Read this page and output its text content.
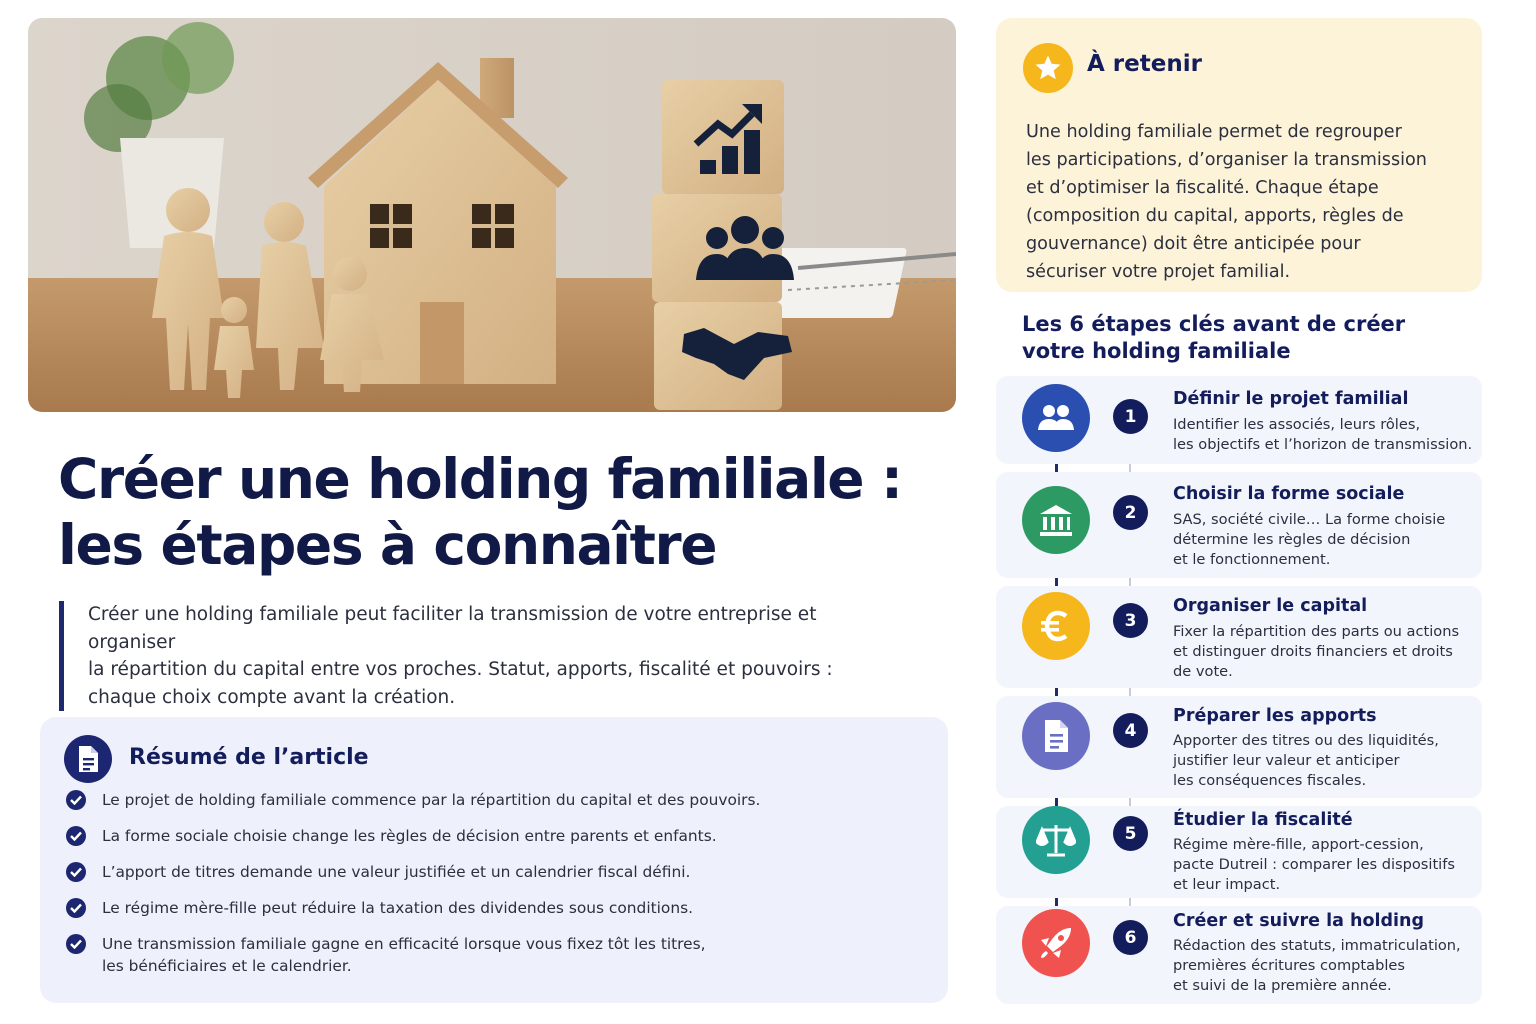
Créer une holding familiale :
les étapes à connaître
Créer une holding familiale peut faciliter la transmission de votre entreprise et organiser
la répartition du capital entre vos proches. Statut, apports, fiscalité et pouvoirs :
chaque choix compte avant la création.
Résumé de l’article
Le projet de holding familiale commence par la répartition du capital et des pouvoirs.
La forme sociale choisie change les règles de décision entre parents et enfants.
L’apport de titres demande une valeur justifiée et un calendrier fiscal défini.
Le régime mère-fille peut réduire la taxation des dividendes sous conditions.
Une transmission familiale gagne en efficacité lorsque vous fixez tôt les titres,
les bénéficiaires et le calendrier.
À retenir
Une holding familiale permet de regrouper
les participations, d’organiser la transmission
et d’optimiser la fiscalité. Chaque étape
(composition du capital, apports, règles de
gouvernance) doit être anticipée pour
sécuriser votre projet familial.
Les 6 étapes clés avant de créer
votre holding familiale
1
Définir le projet familial
Identifier les associés, leurs rôles,
les objectifs et l’horizon de transmission.
2
Choisir la forme sociale
SAS, société civile… La forme choisie
détermine les règles de décision
et le fonctionnement.
3
Organiser le capital
Fixer la répartition des parts ou actions
et distinguer droits financiers et droits
de vote.
4
Préparer les apports
Apporter des titres ou des liquidités,
justifier leur valeur et anticiper
les conséquences fiscales.
5
Étudier la fiscalité
Régime mère-fille, apport-cession,
pacte Dutreil : comparer les dispositifs
et leur impact.
6
Créer et suivre la holding
Rédaction des statuts, immatriculation,
premières écritures comptables
et suivi de la première année.
